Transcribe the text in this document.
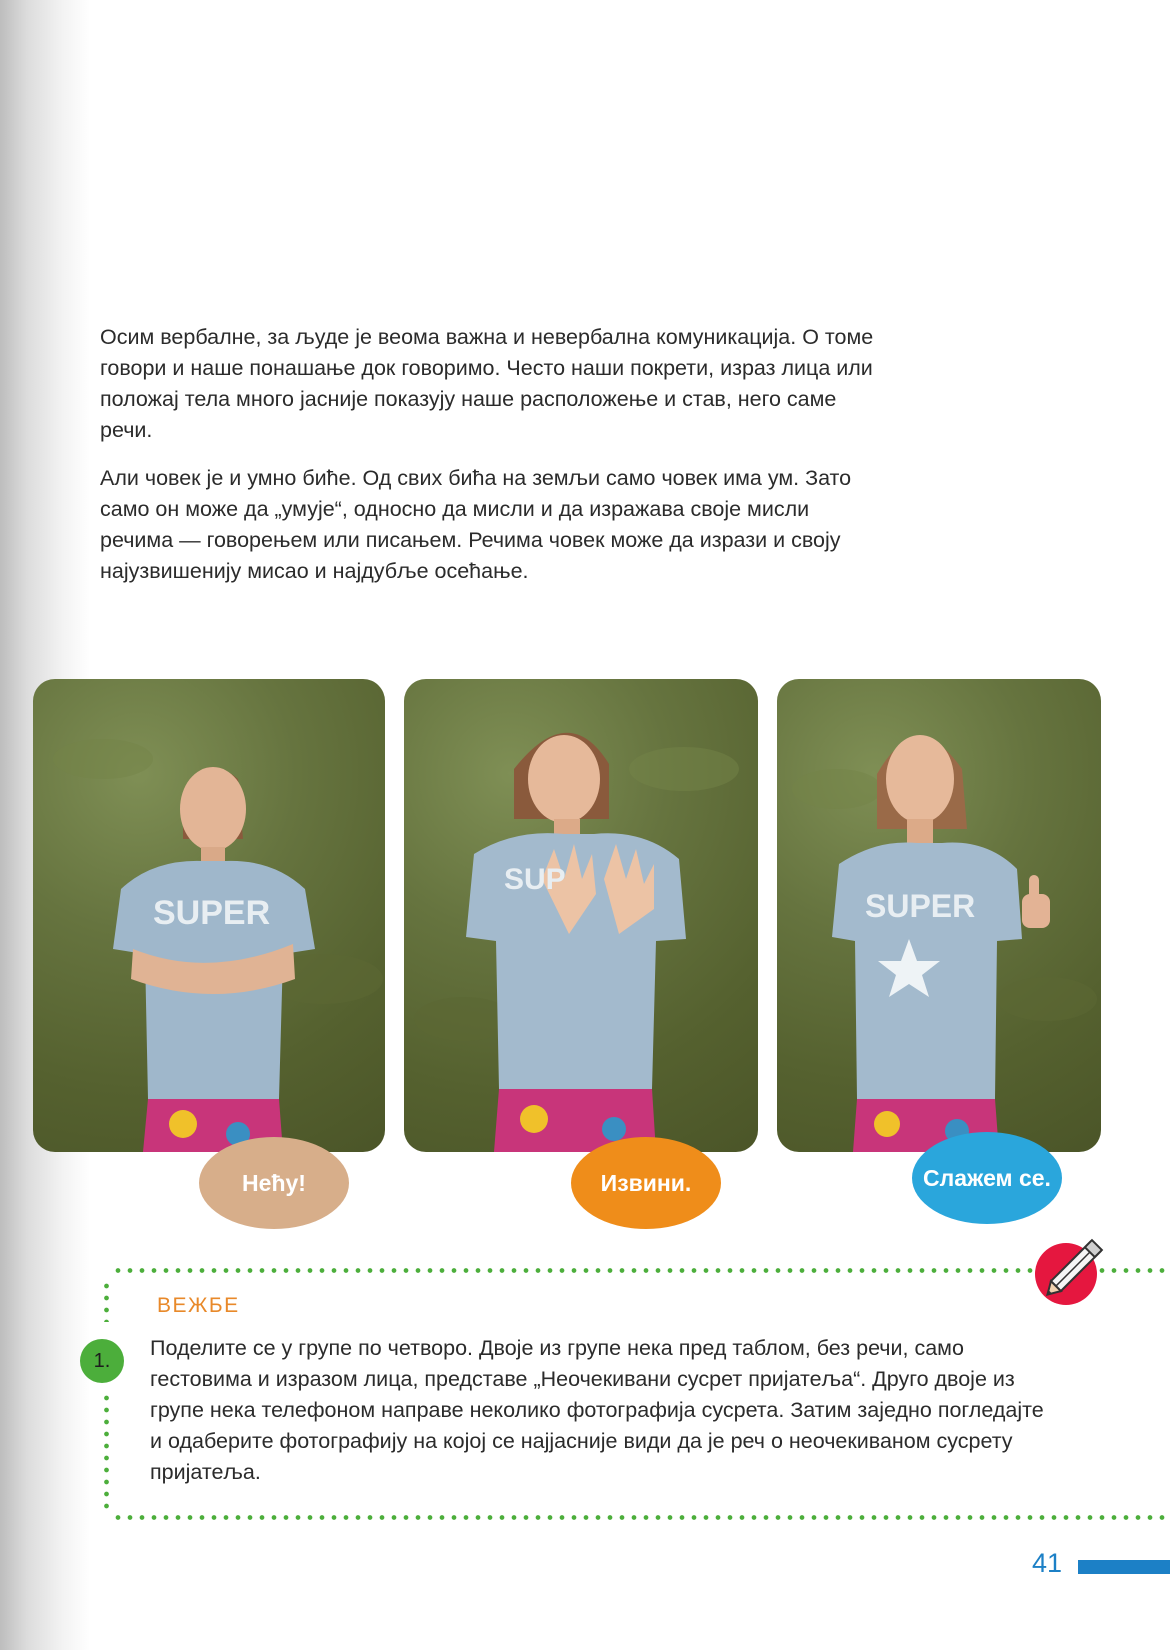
Осим вербалне, за људе је веома важна и невербална комуникација. О томе говори и наше понашање док говоримо. Често наши покрети, израз лица или положај тела много јасније показују наше расположење и став, него саме речи.

Али човек је и умно биће. Од свих бића на земљи само човек има ум. Зато само он може да „умује“, односно да мисли и да изражава своје мисли речима — говорењем или писањем. Речима човек може да изрази и своју најузвишенију мисао и најдубље осећање.

SUPER
SUP
SUPER
Нећу!	Извини.	Слажем се.
ВЕЖБЕ
1.

Поделите се у групе по четворо. Двоје из групе нека пред таблом, без речи, само гестовима и изразом лица, представе „Неочекивани сусрет пријатеља“. Друго двоје из групе нека телефоном направе неколико фотографија сусрета. Затим заједно погледајте и одаберите фотографију на којој се најјасније види да је реч о неочекиваном сусрету пријатеља.

41
